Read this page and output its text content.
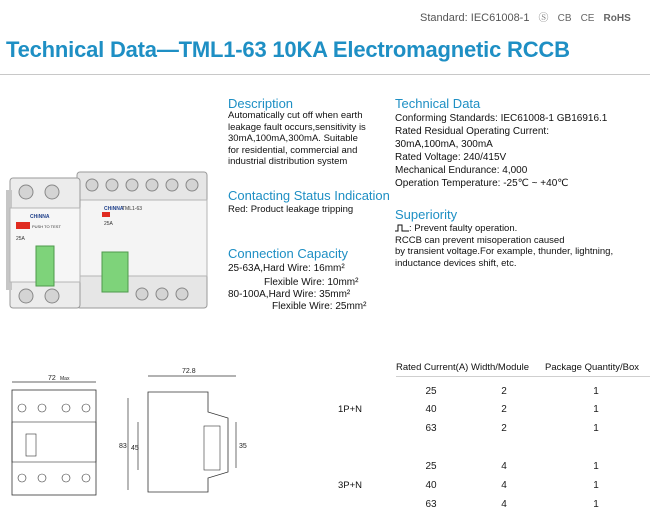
Standard: IEC61008-1 Ⓢ CB CE RoHS
Technical Data—TML1-63 10KA Electromagnetic RCCB
CHiNNA
TML1-63
25A
CHiNNA
PUSH TO TEST
25A
Description
Automatically cut off when earth
leakage fault occurs,sensitivity is
30mA,100mA,300mA. Suitable
for residential, commercial and
industrial distribution system
Contacting Status Indication
Red: Product leakage tripping
Connection Capacity
25-63A,Hard Wire: 16mm²
Flexible Wire: 10mm²
80-100A,Hard Wire: 35mm²
Flexible Wire: 25mm²
Technical Data
Conforming Standards: IEC61008-1 GB16916.1
Rated Residual Operating Current:
30mA,100mA, 300mA
Rated Voltage: 240/415V
Mechanical Endurance: 4,000
Operation Temperature: -25℃ ~ +40℃
Superiority
: Prevent faulty operation.
RCCB can prevent misoperation caused
by transient voltage.For example, thunder, lightning,
inductance devices shift, etc.
72 Max
72.8
83 45	35
Rated Current(A) Width/Module Package Quantity/Box
1P+N
25	2	1
40	2	1
63	2	1
3P+N
25	4	1
40	4	1
63	4	1
